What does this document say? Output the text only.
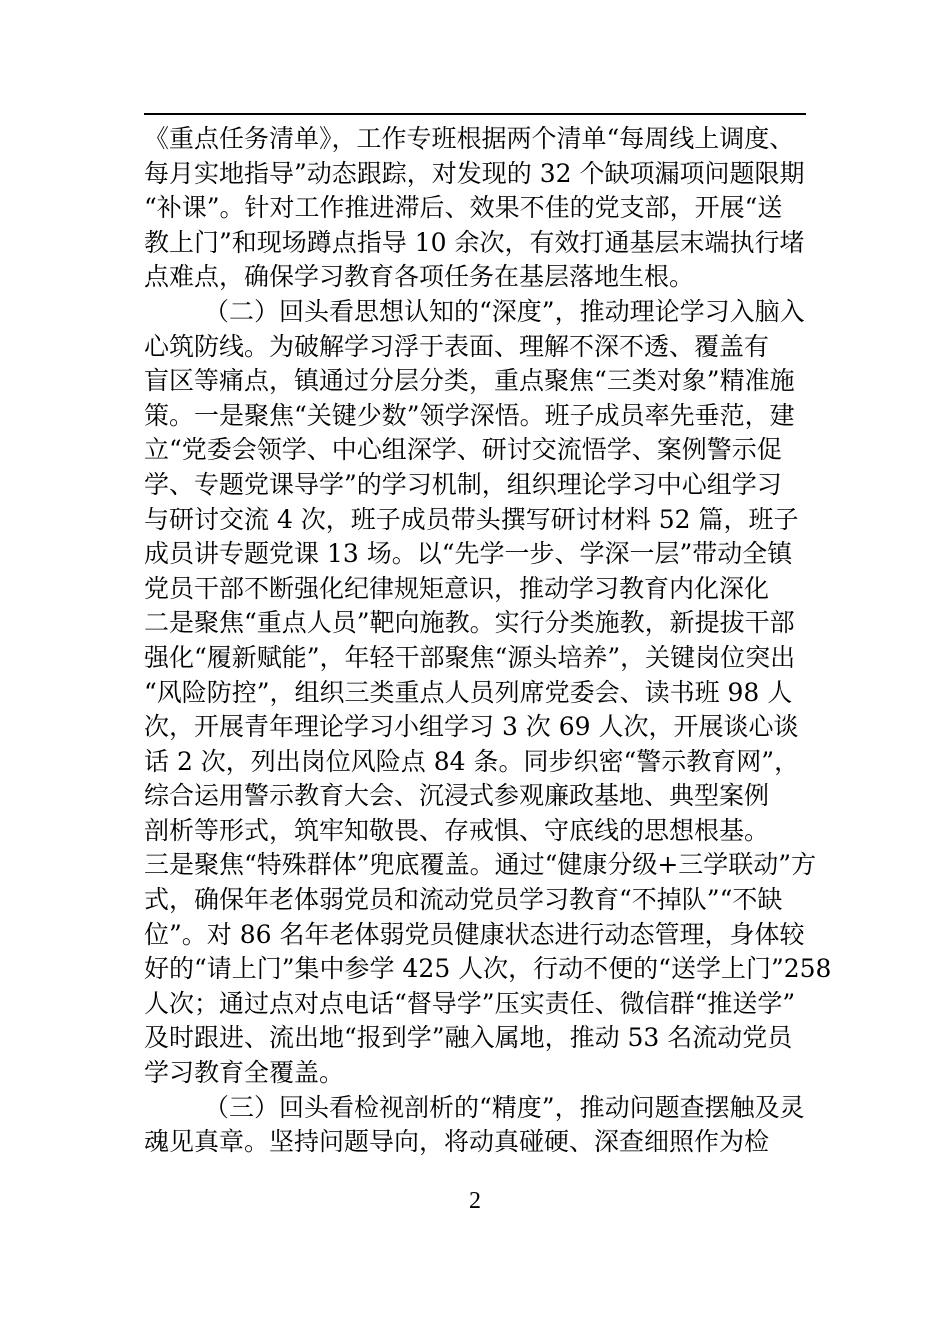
《重点任务清单》，工作专班根据两个清单“每周线上调度、
每月实地指导”动态跟踪，对发现的 32 个缺项漏项问题限期
“补课”。针对工作推进滞后、效果不佳的党支部，开展“送
教上门”和现场蹲点指导 10 余次，有效打通基层末端执行堵
点难点，确保学习教育各项任务在基层落地生根。
（二）回头看思想认知的“深度”，推动理论学习入脑入
心筑防线。为破解学习浮于表面、理解不深不透、覆盖有
盲区等痛点，镇通过分层分类，重点聚焦“三类对象”精准施
策。一是聚焦“关键少数”领学深悟。班子成员率先垂范，建
立“党委会领学、中心组深学、研讨交流悟学、案例警示促
学、专题党课导学”的学习机制，组织理论学习中心组学习
与研讨交流 4 次，班子成员带头撰写研讨材料 52 篇，班子
成员讲专题党课 13 场。以“先学一步、学深一层”带动全镇
党员干部不断强化纪律规矩意识，推动学习教育内化深化
二是聚焦“重点人员”靶向施教。实行分类施教，新提拔干部
强化“履新赋能”，年轻干部聚焦“源头培养”，关键岗位突出
“风险防控”，组织三类重点人员列席党委会、读书班 98 人
次，开展青年理论学习小组学习 3 次 69 人次，开展谈心谈
话 2 次，列出岗位风险点 84 条。同步织密“警示教育网”，
综合运用警示教育大会、沉浸式参观廉政基地、典型案例
剖析等形式，筑牢知敬畏、存戒惧、守底线的思想根基。
三是聚焦“特殊群体”兜底覆盖。通过“健康分级+三学联动”方
式，确保年老体弱党员和流动党员学习教育“不掉队”“不缺
位”。对 86 名年老体弱党员健康状态进行动态管理，身体较
好的“请上门”集中参学 425 人次，行动不便的“送学上门”258
人次；通过点对点电话“督导学”压实责任、微信群“推送学”
及时跟进、流出地“报到学”融入属地，推动 53 名流动党员
学习教育全覆盖。
（三）回头看检视剖析的“精度”，推动问题查摆触及灵
魂见真章。坚持问题导向，将动真碰硬、深查细照作为检
2
